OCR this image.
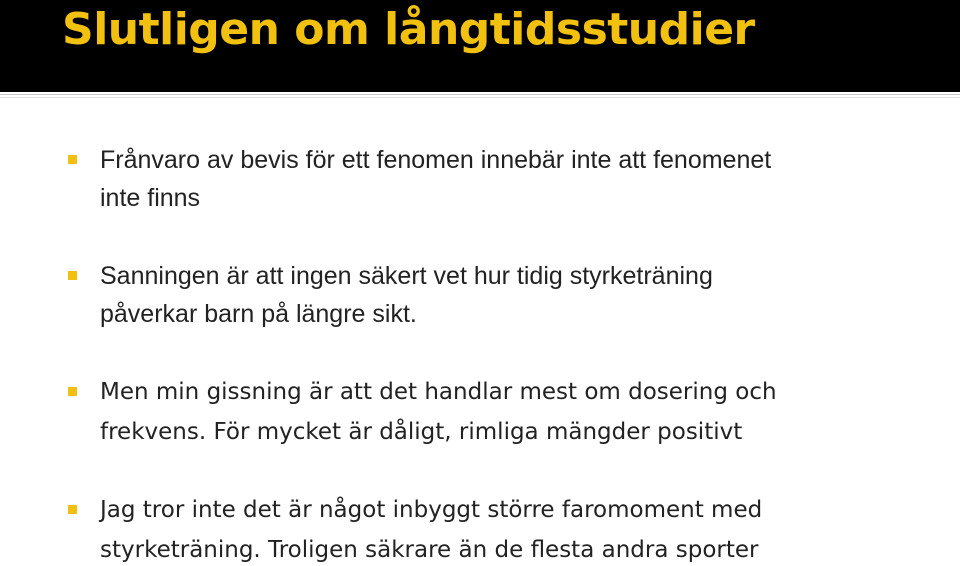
Slutligen om långtidsstudier
Frånvaro av bevis för ett fenomen innebär inte att fenomenet
inte finns
Sanningen är att ingen säkert vet hur tidig styrketräning
påverkar barn på längre sikt.
Men min gissning är att det handlar mest om dosering och
frekvens. För mycket är dåligt, rimliga mängder positivt
Jag tror inte det är något inbyggt större faromoment med
styrketräning. Troligen säkrare än de flesta andra sporter
